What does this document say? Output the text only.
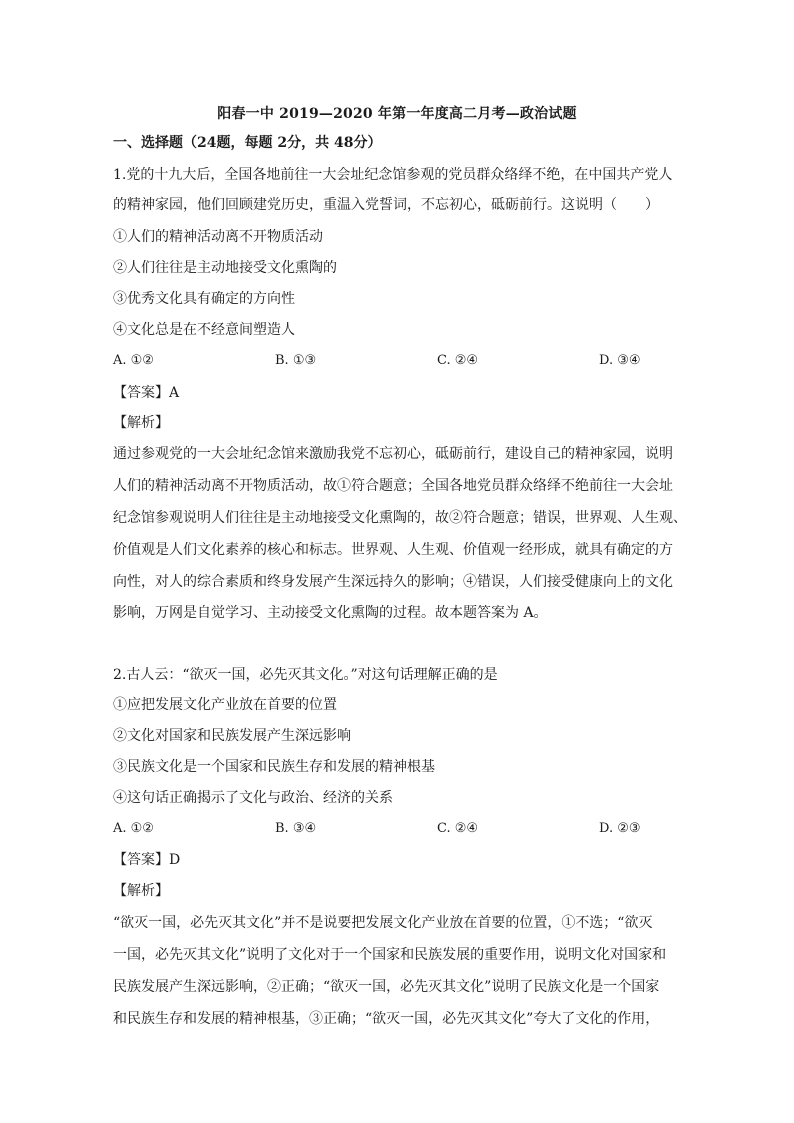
阳春一中 2019—2020 年第一年度高二月考—政治试题
一、选择题（24题，每题 2分，共 48分）
1.党的十九大后，全国各地前往一大会址纪念馆参观的党员群众络绎不绝，在中国共产党人
的精神家园，他们回顾建党历史，重温入党誓词，不忘初心，砥砺前行。这说明（　　）
①人们的精神活动离不开物质活动
②人们往往是主动地接受文化熏陶的
③优秀文化具有确定的方向性
④文化总是在不经意间塑造人
A. ①②	B. ①③	C. ②④	D. ③④
【答案】A
【解析】
通过参观党的一大会址纪念馆来激励我党不忘初心，砥砺前行，建设自己的精神家园，说明
人们的精神活动离不开物质活动，故①符合题意；全国各地党员群众络绎不绝前往一大会址
纪念馆参观说明人们往往是主动地接受文化熏陶的，故②符合题意；错误，世界观、人生观、
价值观是人们文化素养的核心和标志。世界观、人生观、价值观一经形成，就具有确定的方
向性，对人的综合素质和终身发展产生深远持久的影响；④错误，人们接受健康向上的文化
影响，万网是自觉学习、主动接受文化熏陶的过程。故本题答案为 A。
2.古人云：“欲灭一国，必先灭其文化。”对这句话理解正确的是
①应把发展文化产业放在首要的位置
②文化对国家和民族发展产生深远影响
③民族文化是一个国家和民族生存和发展的精神根基
④这句话正确揭示了文化与政治、经济的关系
A. ①②	B. ③④	C. ②④	D. ②③
【答案】D
【解析】
“欲灭一国，必先灭其文化”并不是说要把发展文化产业放在首要的位置，①不选；“欲灭
一国，必先灭其文化”说明了文化对于一个国家和民族发展的重要作用，说明文化对国家和
民族发展产生深远影响，②正确；“欲灭一国，必先灭其文化”说明了民族文化是一个国家
和民族生存和发展的精神根基，③正确；“欲灭一国，必先灭其文化”夸大了文化的作用，
